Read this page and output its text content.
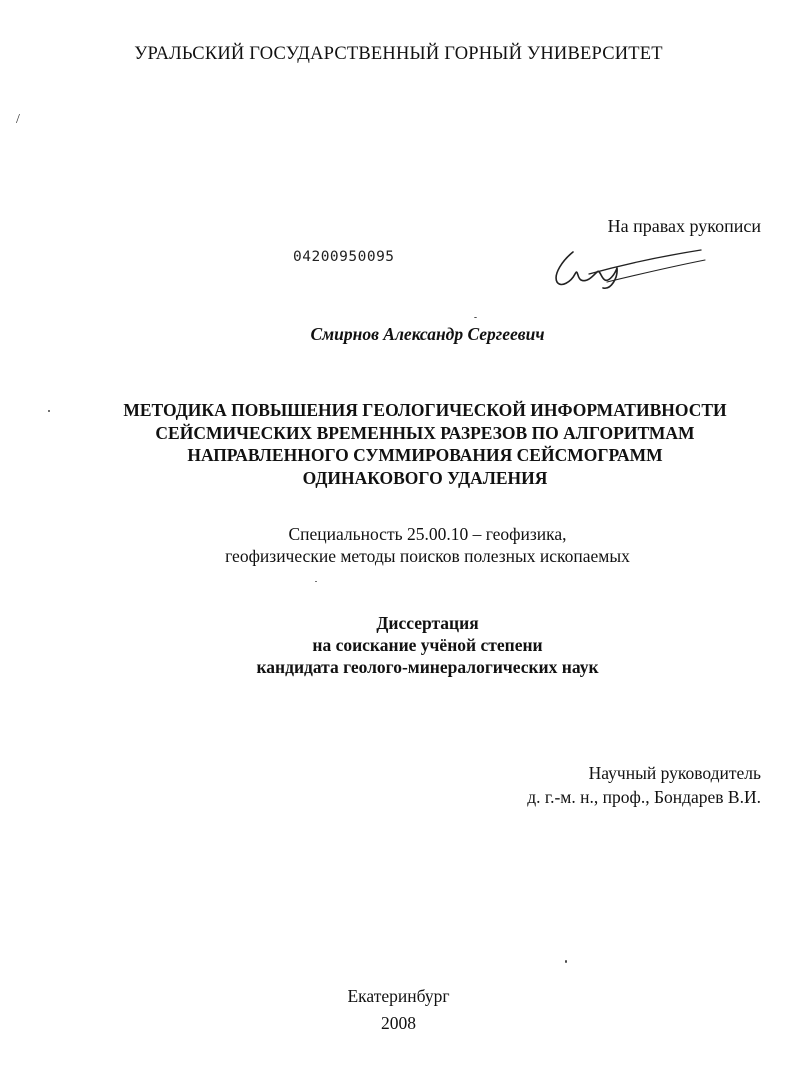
УРАЛЬСКИЙ ГОСУДАРСТВЕННЫЙ ГОРНЫЙ УНИВЕРСИТЕТ
/
На правах рукописи
04200950095
Смирнов Александр Сергеевич
МЕТОДИКА ПОВЫШЕНИЯ ГЕОЛОГИЧЕСКОЙ ИНФОРМАТИВНОСТИ
СЕЙСМИЧЕСКИХ ВРЕМЕННЫХ РАЗРЕЗОВ ПО АЛГОРИТМАМ
НАПРАВЛЕННОГО СУММИРОВАНИЯ СЕЙСМОГРАММ
ОДИНАКОВОГО УДАЛЕНИЯ
Специальность 25.00.10 – геофизика,
геофизические методы поисков полезных ископаемых
Диссертация
на соискание учёной степени
кандидата геолого-минералогических наук
Научный руководитель
д. г.-м. н., проф., Бондарев В.И.
Екатеринбург
2008
